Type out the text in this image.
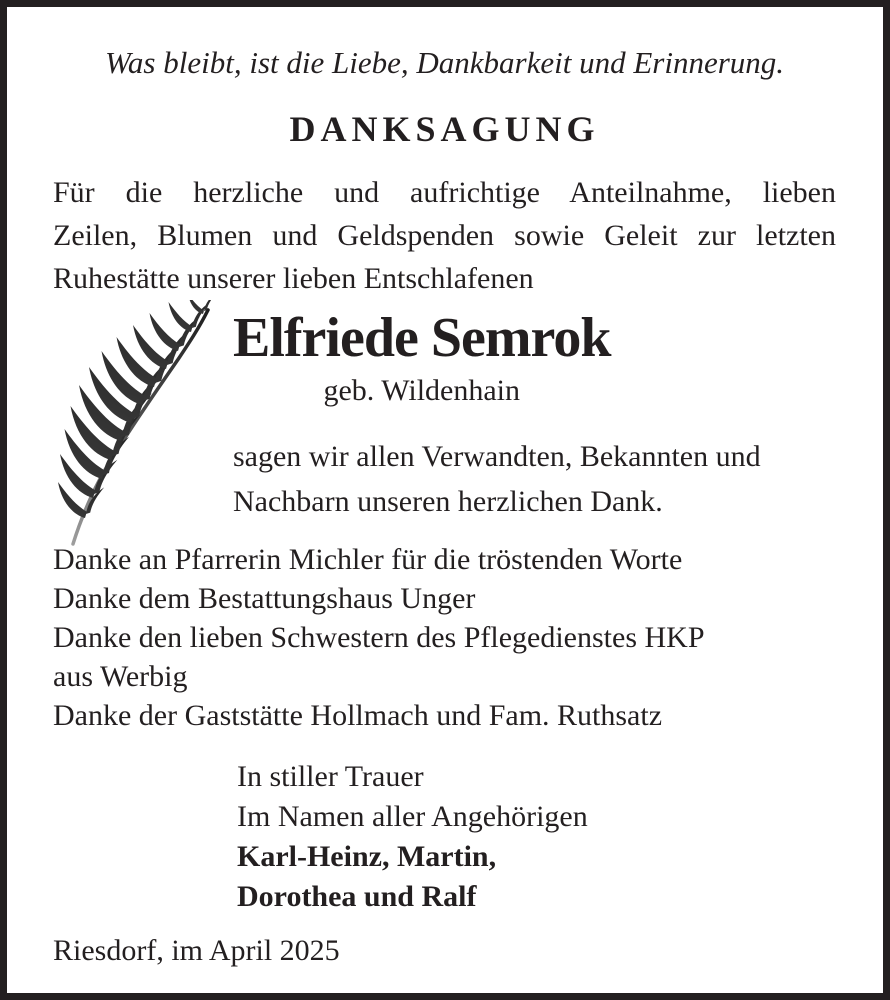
Was bleibt, ist die Liebe, Dankbarkeit und Erinnerung.
DANKSAGUNG
Für die herzliche und aufrichtige Anteilnahme, lieben
Zeilen, Blumen und Geldspenden sowie Geleit zur letzten
Ruhestätte unserer lieben Entschlafenen
Elfriede Semrok
geb. Wildenhain
sagen wir allen Verwandten, Bekannten und
Nachbarn unseren herzlichen Dank.
Danke an Pfarrerin Michler für die tröstenden Worte
Danke dem Bestattungshaus Unger
Danke den lieben Schwestern des Pflegedienstes HKP
aus Werbig
Danke der Gaststätte Hollmach und Fam. Ruthsatz
In stiller Trauer
Im Namen aller Angehörigen
Karl-Heinz, Martin,
Dorothea und Ralf
Riesdorf, im April 2025
